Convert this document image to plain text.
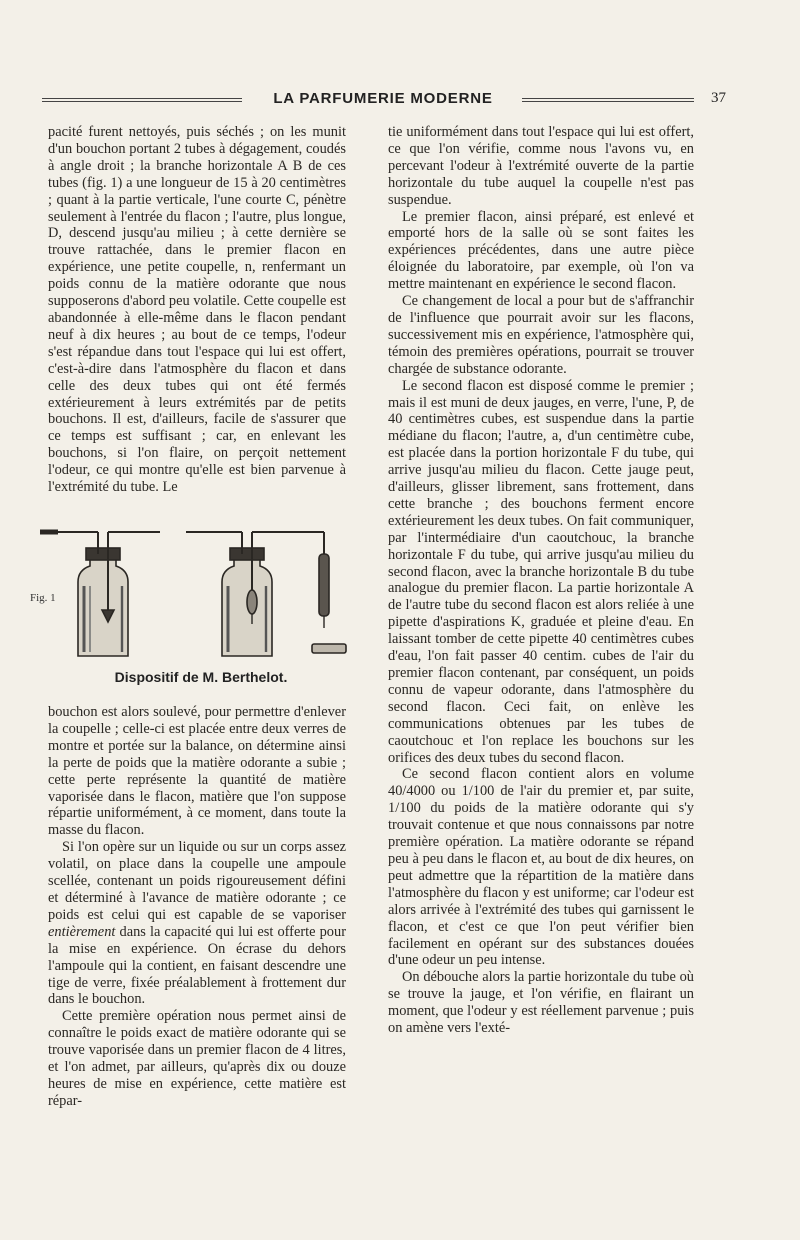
LA PARFUMERIE MODERNE	37

pacité furent nettoyés, puis séchés ; on les munit d'un bouchon portant 2 tubes à dégagement, coudés à angle droit ; la branche horizontale A B de ces tubes (fig. 1) a une longueur de 15 à 20 centimètres ; quant à la partie verticale, l'une courte C, pénètre seulement à l'entrée du flacon ; l'autre, plus longue, D, descend jusqu'au milieu ; à cette dernière se trouve rattachée, dans le premier flacon en expérience, une petite coupelle, n, renfermant un poids connu de la matière odorante que nous supposerons d'abord peu volatile. Cette coupelle est abandonnée à elle-même dans le flacon pendant neuf à dix heures ; au bout de ce temps, l'odeur s'est répandue dans tout l'espace qui lui est offert, c'est-à-dire dans l'atmosphère du flacon et dans celle des deux tubes qui ont été fermés extérieurement à leurs extrémités par de petits bouchons. Il est, d'ailleurs, facile de s'assurer que ce temps est suffisant ; car, en enlevant les bouchons, si l'on flaire, on perçoit nettement l'odeur, ce qui montre qu'elle est bien parvenue à l'extrémité du tube. Le

Fig. 1
Dispositif de M. Berthelot.

bouchon est alors soulevé, pour permettre d'enlever la coupelle ; celle-ci est placée entre deux verres de montre et portée sur la balance, on détermine ainsi la perte de poids que la matière odorante a subie ; cette perte représente la quantité de matière vaporisée dans le flacon, matière que l'on suppose répartie uniformément, à ce moment, dans toute la masse du flacon.

Si l'on opère sur un liquide ou sur un corps assez volatil, on place dans la coupelle une ampoule scellée, contenant un poids rigoureusement défini et déterminé à l'avance de matière odorante ; ce poids est celui qui est capable de se vaporiser entièrement dans la capacité qui lui est offerte pour la mise en expérience. On écrase du dehors l'ampoule qui la contient, en faisant descendre une tige de verre, fixée préalablement à frottement dur dans le bouchon.

Cette première opération nous permet ainsi de connaître le poids exact de matière odorante qui se trouve vaporisée dans un premier flacon de 4 litres, et l'on admet, par ailleurs, qu'après dix ou douze heures de mise en expérience, cette matière est répar-

tie uniformément dans tout l'espace qui lui est offert, ce que l'on vérifie, comme nous l'avons vu, en percevant l'odeur à l'extrémité ouverte de la partie horizontale du tube auquel la coupelle n'est pas suspendue.

Le premier flacon, ainsi préparé, est enlevé et emporté hors de la salle où se sont faites les expériences précédentes, dans une autre pièce éloignée du laboratoire, par exemple, où l'on va mettre maintenant en expérience le second flacon.

Ce changement de local a pour but de s'affranchir de l'influence que pourrait avoir sur les flacons, successivement mis en expérience, l'atmosphère qui, témoin des premières opérations, pourrait se trouver chargée de substance odorante.

Le second flacon est disposé comme le premier ; mais il est muni de deux jauges, en verre, l'une, P, de 40 centimètres cubes, est suspendue dans la partie médiane du flacon; l'autre, a, d'un centimètre cube, est placée dans la portion horizontale F du tube, qui arrive jusqu'au milieu du flacon. Cette jauge peut, d'ailleurs, glisser librement, sans frottement, dans cette branche ; des bouchons ferment encore extérieurement les deux tubes. On fait communiquer, par l'intermédiaire d'un caoutchouc, la branche horizontale F du tube, qui arrive jusqu'au milieu du second flacon, avec la branche horizontale B du tube analogue du premier flacon. La partie horizontale A de l'autre tube du second flacon est alors reliée à une pipette d'aspirations K, graduée et pleine d'eau. En laissant tomber de cette pipette 40 centimètres cubes d'eau, l'on fait passer 40 centim. cubes de l'air du premier flacon contenant, par conséquent, un poids connu de vapeur odorante, dans l'atmosphère du second flacon. Ceci fait, on enlève les communications obtenues par les tubes de caoutchouc et l'on replace les bouchons sur les orifices des deux tubes du second flacon.

Ce second flacon contient alors en volume 40/4000 ou 1/100 de l'air du premier et, par suite, 1/100 du poids de la matière odorante qui s'y trouvait contenue et que nous connaissons par notre première opération. La matière odorante se répand peu à peu dans le flacon et, au bout de dix heures, on peut admettre que la répartition de la matière dans l'atmosphère du flacon y est uniforme; car l'odeur est alors arrivée à l'extrémité des tubes qui garnissent le flacon, et c'est ce que l'on peut vérifier bien facilement en opérant sur des substances douées d'une odeur un peu intense.

On débouche alors la partie horizontale du tube où se trouve la jauge, et l'on vérifie, en flairant un moment, que l'odeur y est réellement parvenue ; puis on amène vers l'exté-
